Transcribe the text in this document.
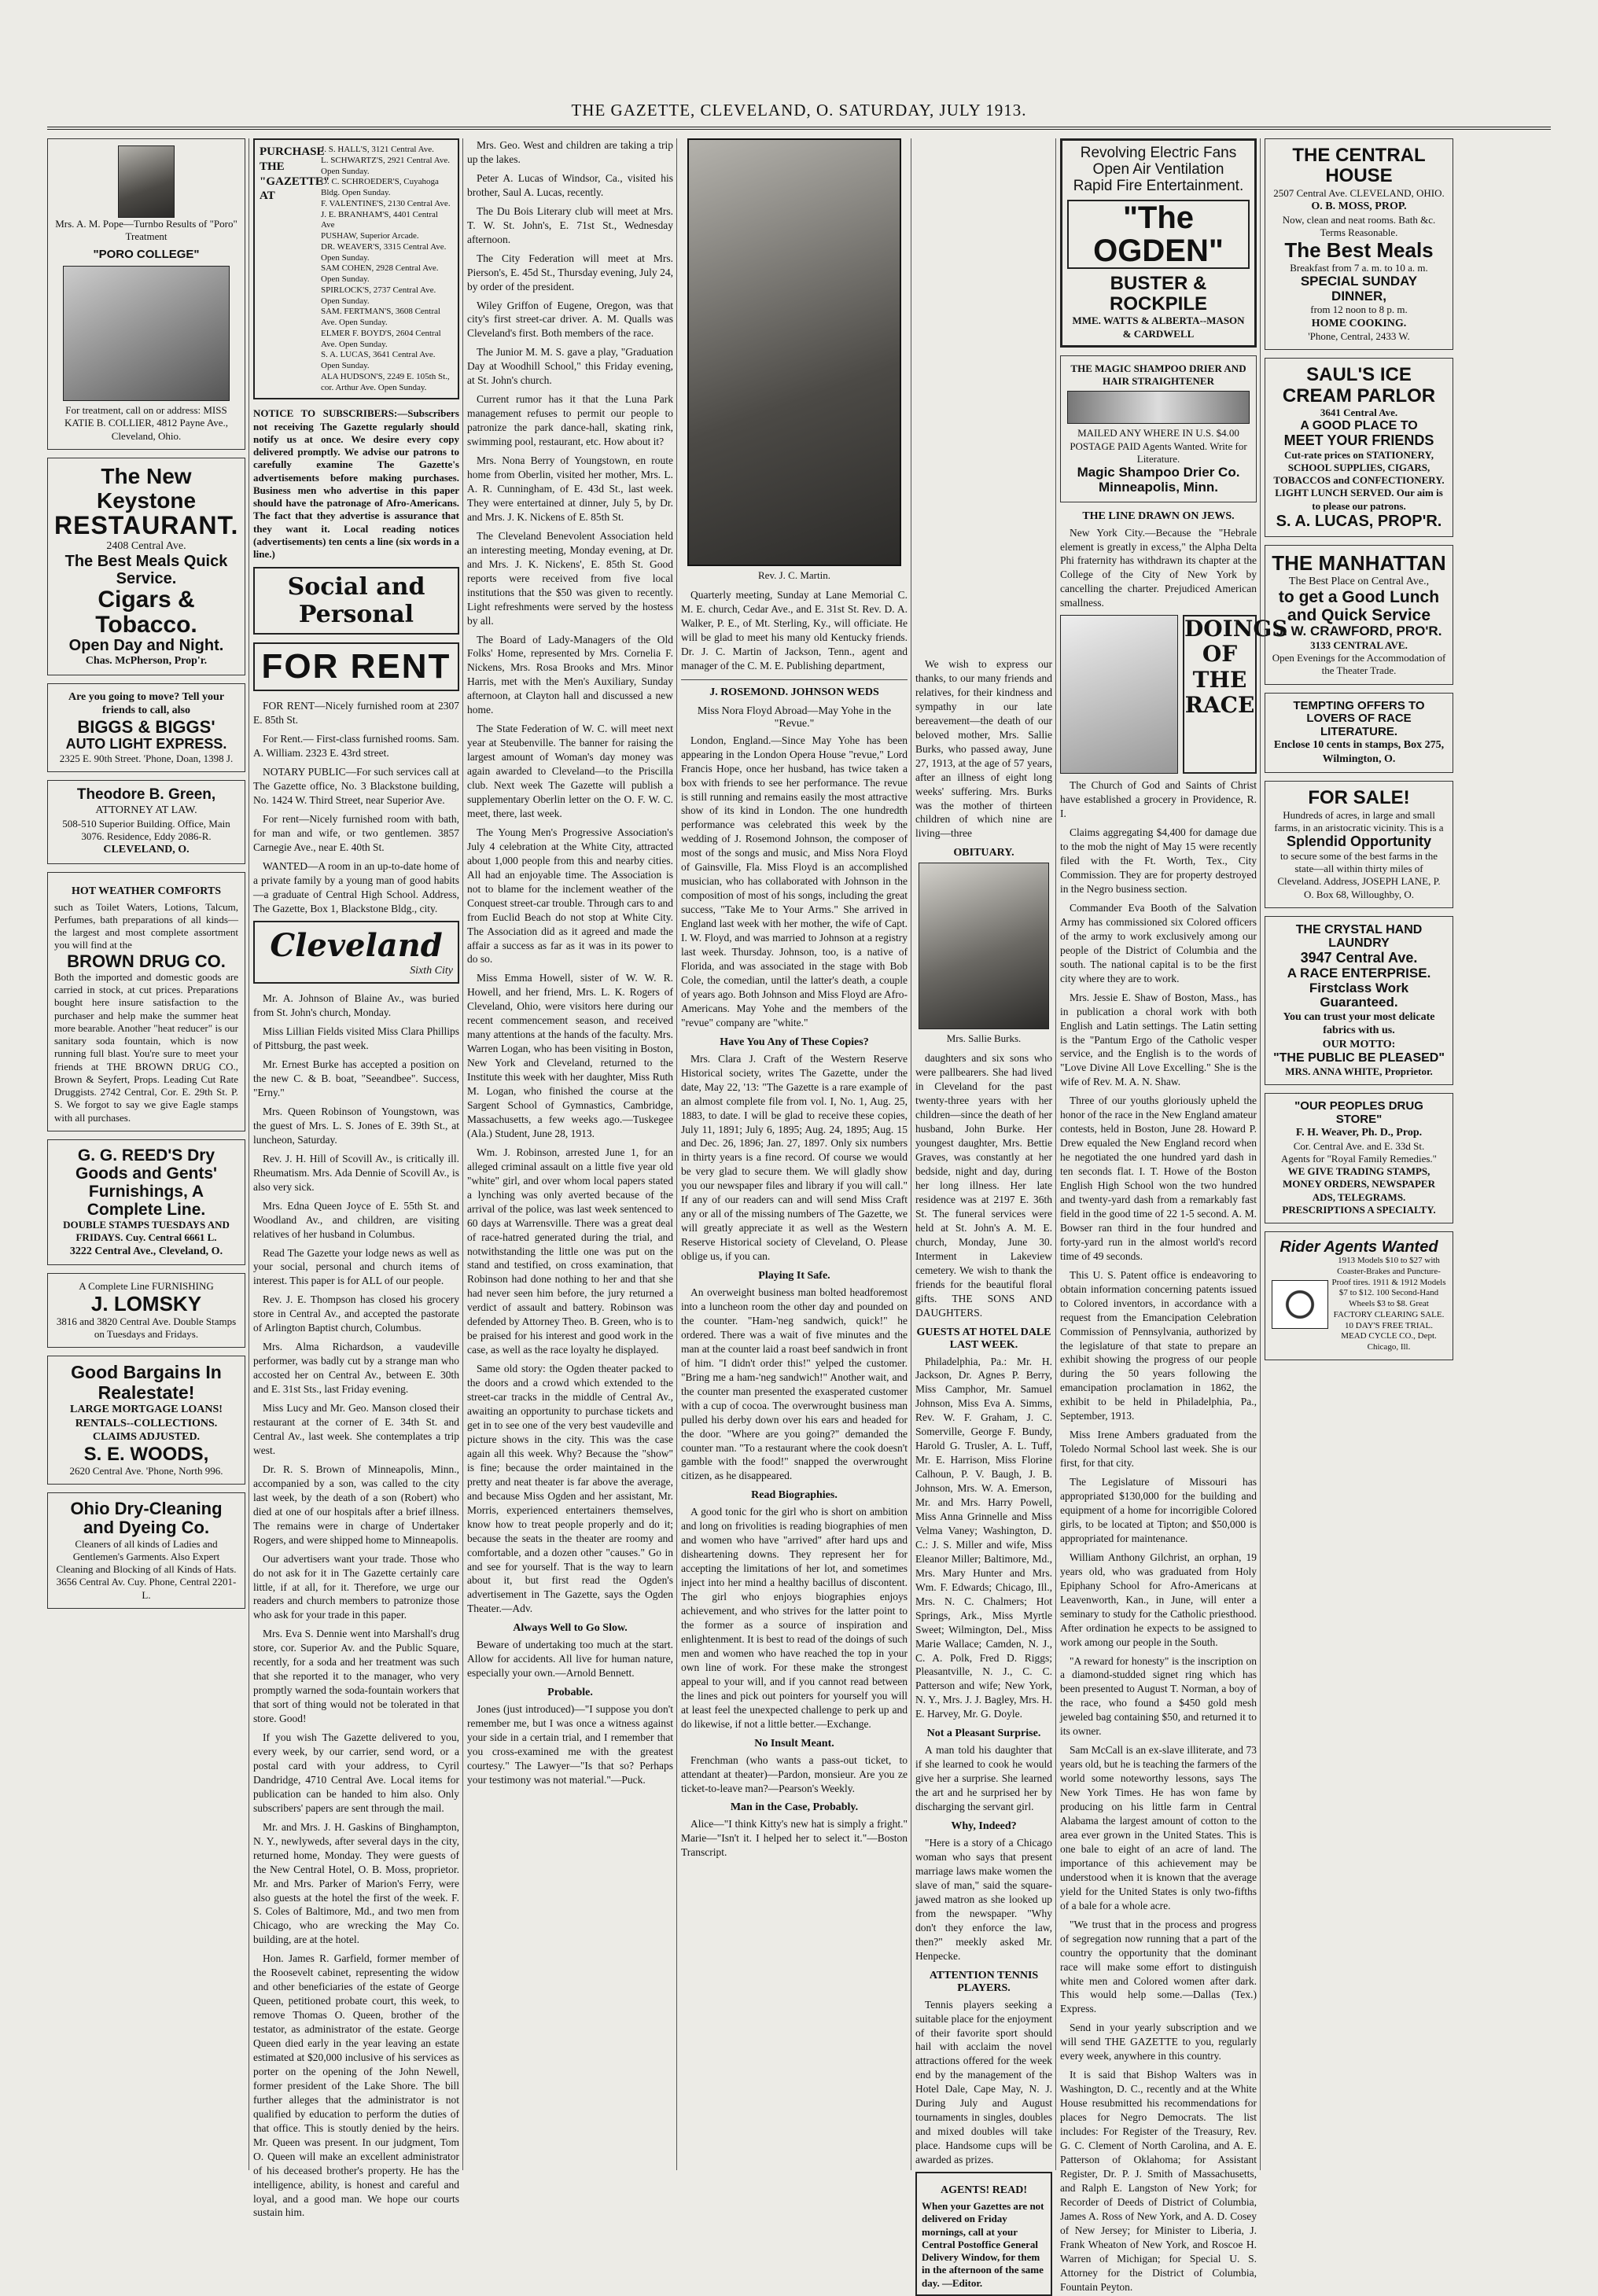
THE GAZETTE, CLEVELAND, O. SATURDAY, JULY 1913.
Mrs. A. M. Pope—Turnbo Results of "Poro" Treatment
"PORO COLLEGE"
For treatment, call on or address: MISS KATIE B. COLLIER, 4812 Payne Ave., Cleveland, Ohio.
The New Keystone
RESTAURANT.
2408 Central Ave.
The Best Meals Quick Service.
Cigars & Tobacco.
Open Day and Night.
Chas. McPherson, Prop'r.
Are you going to move? Tell your friends to call, also
BIGGS & BIGGS'
AUTO LIGHT EXPRESS.
2325 E. 90th Street. 'Phone, Doan, 1398 J.
Theodore B. Green,
ATTORNEY AT LAW.
508-510 Superior Building. Office, Main 3076. Residence, Eddy 2086-R.
CLEVELAND, O.
HOT WEATHER COMFORTS
such as Toilet Waters, Lotions, Talcum, Perfumes, bath preparations of all kinds—the largest and most complete assortment you will find at the
BROWN DRUG CO.
Both the imported and domestic goods are carried in stock, at cut prices. Preparations bought here insure satisfaction to the purchaser and help make the summer heat more bearable. Another "heat reducer" is our sanitary soda fountain, which is now running full blast. You're sure to meet your friends at THE BROWN DRUG CO., Brown & Seyfert, Props. Leading Cut Rate Druggists. 2742 Central, Cor. E. 29th St. P. S. We forgot to say we give Eagle stamps with all purchases.
G. G. REED'S Dry Goods and Gents' Furnishings, A Complete Line.
DOUBLE STAMPS TUESDAYS AND FRIDAYS. Cuy. Central 6661 L.
3222 Central Ave., Cleveland, O.
A Complete Line FURNISHING
J. LOMSKY
3816 and 3820 Central Ave. Double Stamps on Tuesdays and Fridays.
Good Bargains In Realestate!
LARGE MORTGAGE LOANS! RENTALS--COLLECTIONS. CLAIMS ADJUSTED.
S. E. WOODS,
2620 Central Ave. 'Phone, North 996.
Ohio Dry-Cleaning and Dyeing Co.
Cleaners of all kinds of Ladies and Gentlemen's Garments. Also Expert Cleaning and Blocking of all Kinds of Hats. 3656 Central Av. Cuy. Phone, Central 2201-L.
PURCHASE THE "GAZETTE" AT
J. S. HALL'S, 3121 Central Ave.
L. SCHWARTZ'S, 2921 Central Ave. Open Sunday.
O. C. SCHROEDER'S, Cuyahoga Bldg. Open Sunday.
F. VALENTINE'S, 2130 Central Ave.
J. E. BRANHAM'S, 4401 Central Ave
PUSHAW, Superior Arcade.
DR. WEAVER'S, 3315 Central Ave. Open Sunday.
SAM COHEN, 2928 Central Ave. Open Sunday.
SPIRLOCK'S, 2737 Central Ave. Open Sunday.
SAM. FERTMAN'S, 3608 Central Ave. Open Sunday.
ELMER F. BOYD'S, 2604 Central Ave. Open Sunday.
S. A. LUCAS, 3641 Central Ave. Open Sunday.
ALA HUDSON'S, 2249 E. 105th St., cor. Arthur Ave. Open Sunday.
NOTICE TO SUBSCRIBERS:—Subscribers not receiving The Gazette regularly should notify us at once. We desire every copy delivered promptly. We advise our patrons to carefully examine The Gazette's advertisements before making purchases. Business men who advertise in this paper should have the patronage of Afro-Americans. The fact that they advertise is assurance that they want it. Local reading notices (advertisements) ten cents a line (six words in a line.)
Social and Personal
FOR RENT

FOR RENT—Nicely furnished room at 2307 E. 85th St.

For Rent.— First-class furnished rooms. Sam. A. William. 2323 E. 43rd street.

NOTARY PUBLIC—For such services call at The Gazette office, No. 3 Blackstone building, No. 1424 W. Third Street, near Superior Ave.

For rent—Nicely furnished room with bath, for man and wife, or two gentlemen. 3857 Carnegie Ave., near E. 40th St.

WANTED—A room in an up-to-date home of a private family by a young man of good habits—a graduate of Central High School. Address, The Gazette, Box 1, Blackstone Bldg., city.

Cleveland
Sixth City

Mr. A. Johnson of Blaine Av., was buried from St. John's church, Monday.

Miss Lillian Fields visited Miss Clara Phillips of Pittsburg, the past week.

Mr. Ernest Burke has accepted a position on the new C. & B. boat, "Seeandbee". Success, "Erny."

Mrs. Queen Robinson of Youngstown, was the guest of Mrs. L. S. Jones of E. 39th St., at luncheon, Saturday.

Rev. J. H. Hill of Scovill Av., is critically ill. Rheumatism. Mrs. Ada Dennie of Scovill Av., is also very sick.

Mrs. Edna Queen Joyce of E. 55th St. and Woodland Av., and children, are visiting relatives of her husband in Columbus.

Read The Gazette your lodge news as well as your social, personal and church items of interest. This paper is for ALL of our people.

Rev. J. E. Thompson has closed his grocery store in Central Av., and accepted the pastorate of Arlington Baptist church, Columbus.

Mrs. Alma Richardson, a vaudeville performer, was badly cut by a strange man who accosted her on Central Av., between E. 30th and E. 31st Sts., last Friday evening.

Miss Lucy and Mr. Geo. Manson closed their restaurant at the corner of E. 34th St. and Central Av., last week. She contemplates a trip west.

Dr. R. S. Brown of Minneapolis, Minn., accompanied by a son, was called to the city last week, by the death of a son (Robert) who died at one of our hospitals after a brief illness. The remains were in charge of Undertaker Rogers, and were shipped home to Minneapolis.

Our advertisers want your trade. Those who do not ask for it in The Gazette certainly care little, if at all, for it. Therefore, we urge our readers and church members to patronize those who ask for your trade in this paper.

Mrs. Eva S. Dennie went into Marshall's drug store, cor. Superior Av. and the Public Square, recently, for a soda and her treatment was such that she reported it to the manager, who very promptly warned the soda-fountain workers that that sort of thing would not be tolerated in that store. Good!

If you wish The Gazette delivered to you, every week, by our carrier, send word, or a postal card with your address, to Cyril Dandridge, 4710 Central Ave. Local items for publication can be handed to him also. Only subscribers' papers are sent through the mail.

Mr. and Mrs. J. H. Gaskins of Binghampton, N. Y., newlyweds, after several days in the city, returned home, Monday. They were guests of the New Central Hotel, O. B. Moss, proprietor. Mr. and Mrs. Parker of Marion's Ferry, were also guests at the hotel the first of the week. F. S. Coles of Baltimore, Md., and two men from Chicago, who are wrecking the May Co. building, are at the hotel.

Hon. James R. Garfield, former member of the Roosevelt cabinet, representing the widow and other beneficiaries of the estate of George Queen, petitioned probate court, this week, to remove Thomas O. Queen, brother of the testator, as administrator of the estate. George Queen died early in the year leaving an estate estimated at $20,000 inclusive of his services as porter on the opening of the John Newell, former president of the Lake Shore. The bill further alleges that the administrator is not qualified by education to perform the duties of that office. This is stoutly denied by the heirs. Mr. Queen was present. In our judgment, Tom O. Queen will make an excellent administrator of his deceased brother's property. He has the intelligence, ability, is honest and careful and loyal, and a good man. We hope our courts sustain him.

Mrs. Geo. West and children are taking a trip up the lakes.

Peter A. Lucas of Windsor, Ca., visited his brother, Saul A. Lucas, recently.

The Du Bois Literary club will meet at Mrs. T. W. St. John's, E. 71st St., Wednesday afternoon.

The City Federation will meet at Mrs. Pierson's, E. 45d St., Thursday evening, July 24, by order of the president.

Wiley Griffon of Eugene, Oregon, was that city's first street-car driver. A. M. Qualls was Cleveland's first. Both members of the race.

The Junior M. M. S. gave a play, "Graduation Day at Woodhill School," this Friday evening, at St. John's church.

Current rumor has it that the Luna Park management refuses to permit our people to patronize the park dance-hall, skating rink, swimming pool, restaurant, etc. How about it?

Mrs. Nona Berry of Youngstown, en route home from Oberlin, visited her mother, Mrs. L. A. R. Cunningham, of E. 43d St., last week. They were entertained at dinner, July 5, by Dr. and Mrs. J. K. Nickens of E. 85th St.

The Cleveland Benevolent Association held an interesting meeting, Monday evening, at Dr. and Mrs. J. K. Nickens', E. 85th St. Good reports were received from five local institutions that the $50 was given to recently. Light refreshments were served by the hostess by all.

The Board of Lady-Managers of the Old Folks' Home, represented by Mrs. Cornelia F. Nickens, Mrs. Rosa Brooks and Mrs. Minor Harris, met with the Men's Auxiliary, Sunday afternoon, at Clayton hall and discussed a new home.

The State Federation of W. C. will meet next year at Steubenville. The banner for raising the largest amount of Woman's day money was again awarded to Cleveland—to the Priscilla club. Next week The Gazette will publish a supplementary Oberlin letter on the O. F. W. C. meet, there, last week.

The Young Men's Progressive Association's July 4 celebration at the White City, attracted about 1,000 people from this and nearby cities. All had an enjoyable time. The Association is not to blame for the inclement weather of the Conquest street-car trouble. Through cars to and from Euclid Beach do not stop at White City. The Association did as it agreed and made the affair a success as far as it was in its power to do so.

Miss Emma Howell, sister of W. W. R. Howell, and her friend, Mrs. L. K. Rogers of Cleveland, Ohio, were visitors here during our recent commencement season, and received many attentions at the hands of the faculty. Mrs. Warren Logan, who has been visiting in Boston, New York and Cleveland, returned to the Institute this week with her daughter, Miss Ruth M. Logan, who finished the course at the Sargent School of Gymnastics, Cambridge, Massachusetts, a few weeks ago.—Tuskegee (Ala.) Student, June 28, 1913.

Wm. J. Robinson, arrested June 1, for an alleged criminal assault on a little five year old "white" girl, and over whom local papers stated a lynching was only averted because of the arrival of the police, was last week sentenced to 60 days at Warrensville. There was a great deal of race-hatred generated during the trial, and notwithstanding the little one was put on the stand and testified, on cross examination, that Robinson had done nothing to her and that she had never seen him before, the jury returned a verdict of assault and battery. Robinson was defended by Attorney Theo. B. Green, who is to be praised for his interest and good work in the case, as well as the race loyalty he displayed.

Same old story: the Ogden theater packed to the doors and a crowd which extended to the street-car tracks in the middle of Central Av., awaiting an opportunity to purchase tickets and get in to see one of the very best vaudeville and picture shows in the city. This was the case again all this week. Why? Because the "show" is fine; because the order maintained in the pretty and neat theater is far above the average, and because Miss Ogden and her assistant, Mr. Morris, experienced entertainers themselves, know how to treat people properly and do it; because the seats in the theater are roomy and comfortable, and a dozen other "causes." Go in and see for yourself. That is the way to learn about it, but first read the Ogden's advertisement in The Gazette, says the Ogden Theater.—Adv.

Always Well to Go Slow.

Beware of undertaking too much at the start. Allow for accidents. All live for human nature, especially your own.—Arnold Bennett.

Probable.

Jones (just introduced)—"I suppose you don't remember me, but I was once a witness against your side in a certain trial, and I remember that you cross-examined me with the greatest courtesy." The Lawyer—"Is that so? Perhaps your testimony was not material."—Puck.

Rev. J. C. Martin.

Quarterly meeting, Sunday at Lane Memorial C. M. E. church, Cedar Ave., and E. 31st St. Rev. D. A. Walker, P. E., of Mt. Sterling, Ky., will officiate. He will be glad to meet his many old Kentucky friends. Dr. J. C. Martin of Jackson, Tenn., agent and manager of the C. M. E. Publishing department,

J. ROSEMOND. JOHNSON WEDS
Miss Nora Floyd Abroad—May Yohe in the "Revue."

London, England.—Since May Yohe has been appearing in the London Opera House "revue," Lord Francis Hope, once her husband, has twice taken a box with friends to see her performance. The revue is still running and remains easily the most attractive show of its kind in London. The one hundredth performance was celebrated this week by the wedding of J. Rosemond Johnson, the composer of most of the songs and music, and Miss Nora Floyd of Gainsville, Fla. Miss Floyd is an accomplished musician, who has collaborated with Johnson in the composition of most of his songs, including the great success, "Take Me to Your Arms." She arrived in England last week with her mother, the wife of Capt. I. W. Floyd, and was married to Johnson at a registry last week. Thursday. Johnson, too, is a native of Florida, and was associated in the stage with Bob Cole, the comedian, until the latter's death, a couple of years ago. Both Johnson and Miss Floyd are Afro-Americans. May Yohe and the members of the "revue" company are "white."

Have You Any of These Copies?

Mrs. Clara J. Craft of the Western Reserve Historical society, writes The Gazette, under the date, May 22, '13: "The Gazette is a rare example of an almost complete file from vol. I, No. 1, Aug. 25, 1883, to date. I will be glad to receive these copies, July 11, 1891; July 6, 1895; Aug. 24, 1895; Aug. 15 and Dec. 26, 1896; Jan. 27, 1897. Only six numbers in thirty years is a fine record. Of course we would be very glad to secure them. We will gladly show you our newspaper files and library if you will call." If any of our readers can and will send Miss Craft any or all of the missing numbers of The Gazette, we will greatly appreciate it as well as the Western Reserve Historical society of Cleveland, O. Please oblige us, if you can.

Playing It Safe.

An overweight business man bolted headforemost into a luncheon room the other day and pounded on the counter. "Ham-'neg sandwich, quick!" he ordered. There was a wait of five minutes and the man at the counter laid a roast beef sandwich in front of him. "I didn't order this!" yelped the customer. "Bring me a ham-'neg sandwich!" Another wait, and the counter man presented the exasperated customer with a cup of cocoa. The overwrought business man pulled his derby down over his ears and headed for the door. "Where are you going?" demanded the counter man. "To a restaurant where the cook doesn't gamble with the food!" snapped the overwrought citizen, as he disappeared.

Read Biographies.

A good tonic for the girl who is short on ambition and long on frivolities is reading biographies of men and women who have "arrived" after hard ups and disheartening downs. They represent her for accepting the limitations of her lot, and sometimes inject into her mind a healthy bacillus of discontent. The girl who enjoys biographies enjoys achievement, and who strives for the latter point to the former as a source of inspiration and enlightenment. It is best to read of the doings of such men and women who have reached the top in your own line of work. For these make the strongest appeal to your will, and if you cannot read between the lines and pick out pointers for yourself you will at least feel the unexpected challenge to perk up and do likewise, if not a little better.—Exchange.

No Insult Meant.

Frenchman (who wants a pass-out ticket, to attendant at theater)—Pardon, monsieur. Are you ze ticket-to-leave man?—Pearson's Weekly.

Man in the Case, Probably.

Alice—"I think Kitty's new hat is simply a fright." Marie—"Isn't it. I helped her to select it."—Boston Transcript.

We wish to express our thanks, to our many friends and relatives, for their kindness and sympathy in our late bereavement—the death of our beloved mother, Mrs. Sallie Burks, who passed away, June 27, 1913, at the age of 57 years, after an illness of eight long weeks' suffering. Mrs. Burks was the mother of thirteen children of which nine are living—three

OBITUARY.
Mrs. Sallie Burks.

daughters and six sons who were pallbearers. She had lived in Cleveland for the past twenty-three years with her children—since the death of her husband, John Burke. Her youngest daughter, Mrs. Bettie Graves, was constantly at her bedside, night and day, during her long illness. Her late residence was at 2197 E. 36th St. The funeral services were held at St. John's A. M. E. church, Monday, June 30. Interment in Lakeview cemetery. We wish to thank the friends for the beautiful floral gifts. THE SONS AND DAUGHTERS.

GUESTS AT HOTEL DALE LAST WEEK.

Philadelphia, Pa.: Mr. H. Jackson, Dr. Agnes P. Berry, Miss Camphor, Mr. Samuel Johnson, Miss Eva A. Simms, Rev. W. F. Graham, J. C. Somerville, George F. Bundy, Harold G. Trusler, A. L. Tuff, Mr. E. Harrison, Miss Florine Calhoun, P. V. Baugh, J. B. Johnson, Mrs. W. A. Emerson, Mr. and Mrs. Harry Powell, Miss Anna Grinnelle and Miss Velma Vaney; Washington, D. C.: J. S. Miller and wife, Miss Eleanor Miller; Baltimore, Md., Mrs. Mary Hunter and Mrs. Wm. F. Edwards; Chicago, Ill., Mrs. N. C. Chalmers; Hot Springs, Ark., Miss Myrtle Sweet; Wilmington, Del., Miss Marie Wallace; Camden, N. J., C. A. Polk, Fred D. Riggs; Pleasantville, N. J., C. C. Patterson and wife; New York, N. Y., Mrs. J. J. Bagley, Mrs. H. E. Harvey, Mr. G. Doyle.

Not a Pleasant Surprise.

A man told his daughter that if she learned to cook he would give her a surprise. She learned the art and he surprised her by discharging the servant girl.

Why, Indeed?

"Here is a story of a Chicago woman who says that present marriage laws make women the slave of man," said the square-jawed matron as she looked up from the newspaper. "Why don't they enforce the law, then?" meekly asked Mr. Henpecke.

ATTENTION TENNIS PLAYERS.

Tennis players seeking a suitable place for the enjoyment of their favorite sport should hail with acclaim the novel attractions offered for the week end by the management of the Hotel Dale, Cape May, N. J. During July and August tournaments in singles, doubles and mixed doubles will take place. Handsome cups will be awarded as prizes.

AGENTS! READ!
When your Gazettes are not delivered on Friday mornings, call at your Central Postoffice General Delivery Window, for them in the afternoon of the same day. —Editor.
Revolving Electric Fans
Open Air Ventilation
Rapid Fire Entertainment.
"The OGDEN"
BUSTER & ROCKPILE
MME. WATTS & ALBERTA--MASON & CARDWELL
THE MAGIC SHAMPOO DRIER AND HAIR STRAIGHTENER
MAILED ANY WHERE IN U.S. $4.00 POSTAGE PAID Agents Wanted. Write for Literature.
Magic Shampoo Drier Co. Minneapolis, Minn.
THE LINE DRAWN ON JEWS.

New York City.—Because the "Hebrale element is greatly in excess," the Alpha Delta Phi fraternity has withdrawn its chapter at the College of the City of New York by cancelling the charter. Prejudiced American smallness.

DOINGS OF THE RACE

The Church of God and Saints of Christ have established a grocery in Providence, R. I.

Claims aggregating $4,400 for damage due to the mob the night of May 15 were recently filed with the Ft. Worth, Tex., City Commission. They are for property destroyed in the Negro business section.

Commander Eva Booth of the Salvation Army has commissioned six Colored officers of the army to work exclusively among our people of the District of Columbia and the south. The national capital is to be the first city where they are to work.

Mrs. Jessie E. Shaw of Boston, Mass., has in publication a choral work with both English and Latin settings. The Latin setting is the "Pantum Ergo of the Catholic vesper service, and the English is to the words of "Love Divine All Love Excelling." She is the wife of Rev. M. A. N. Shaw.

Three of our youths gloriously upheld the honor of the race in the New England amateur contests, held in Boston, June 28. Howard P. Drew equaled the New England record when he negotiated the one hundred yard dash in ten seconds flat. I. T. Howe of the Boston English High School won the two hundred and twenty-yard dash from a remarkably fast field in the good time of 22 1-5 second. A. M. Bowser ran third in the four hundred and forty-yard run in the almost world's record time of 49 seconds.

This U. S. Patent office is endeavoring to obtain information concerning patents issued to Colored inventors, in accordance with a request from the Emancipation Celebration Commission of Pennsylvania, authorized by the legislature of that state to prepare an exhibit showing the progress of our people during the 50 years following the emancipation proclamation in 1862, the exhibit to be held in Philadelphia, Pa., September, 1913.

Miss Irene Ambers graduated from the Toledo Normal School last week. She is our first, for that city.

The Legislature of Missouri has appropriated $130,000 for the building and equipment of a home for incorrigible Colored girls, to be located at Tipton; and $50,000 is appropriated for maintenance.

William Anthony Gilchrist, an orphan, 19 years old, who was graduated from Holy Epiphany School for Afro-Americans at Leavenworth, Kan., in June, will enter a seminary to study for the Catholic priesthood. After ordination he expects to be assigned to work among our people in the South.

"A reward for honesty" is the inscription on a diamond-studded signet ring which has been presented to August T. Norman, a boy of the race, who found a $450 gold mesh jeweled bag containing $50, and returned it to its owner.

Sam McCall is an ex-slave illiterate, and 73 years old, but he is teaching the farmers of the world some noteworthy lessons, says The New York Times. He has won fame by producing on his little farm in Central Alabama the largest amount of cotton to the area ever grown in the United States. This is one bale to eight of an acre of land. The importance of this achievement may be understood when it is known that the average yield for the United States is only two-fifths of a bale for a whole acre.

"We trust that in the process and progress of segregation now running that a part of the country the opportunity that the dominant race will make some effort to distinguish white men and Colored women after dark. This would help some.—Dallas (Tex.) Express.

Send in your yearly subscription and we will send THE GAZETTE to you, regularly every week, anywhere in this country.

It is said that Bishop Walters was in Washington, D. C., recently and at the White House resubmitted his recommendations for places for Negro Democrats. The list includes: For Register of the Treasury, Rev. G. C. Clement of North Carolina, and A. E. Patterson of Oklahoma; for Assistant Register, Dr. P. J. Smith of Massachusetts, and Ralph E. Langston of New York; for Recorder of Deeds of District of Columbia, James A. Ross of New York, and A. D. Cosey of New Jersey; for Minister to Liberia, J. Frank Wheaton of New York, and Roscoe H. Warren of Michigan; for Special U. S. Attorney for the District of Columbia, Fountain Peyton.

THE CENTRAL HOUSE
2507 Central Ave. CLEVELAND, OHIO.
O. B. MOSS, PROP.
Now, clean and neat rooms. Bath &c. Terms Reasonable.
The Best Meals
Breakfast from 7 a. m. to 10 a. m.
SPECIAL SUNDAY DINNER,
from 12 noon to 8 p. m.
HOME COOKING.
'Phone, Central, 2433 W.
SAUL'S ICE CREAM PARLOR
3641 Central Ave.
A GOOD PLACE TO
MEET YOUR FRIENDS
Cut-rate prices on STATIONERY, SCHOOL SUPPLIES, CIGARS, TOBACCOS and CONFECTIONERY. LIGHT LUNCH SERVED. Our aim is to please our patrons.
S. A. LUCAS, PROP'R.
THE MANHATTAN
The Best Place on Central Ave.,
to get a Good Lunch and Quick Service
J. W. CRAWFORD, PRO'R.
3133 CENTRAL AVE.
Open Evenings for the Accommodation of the Theater Trade.
TEMPTING OFFERS TO LOVERS OF RACE LITERATURE.
Enclose 10 cents in stamps, Box 275, Wilmington, O.
FOR SALE!
Hundreds of acres, in large and small farms, in an aristocratic vicinity. This is a
Splendid Opportunity
to secure some of the best farms in the state—all within thirty miles of Cleveland. Address, JOSEPH LANE, P. O. Box 68, Willoughby, O.
THE CRYSTAL HAND LAUNDRY
3947 Central Ave.
A RACE ENTERPRISE.
Firstclass Work Guaranteed.
You can trust your most delicate fabrics with us.
OUR MOTTO:
"THE PUBLIC BE PLEASED"
MRS. ANNA WHITE, Proprietor.
"OUR PEOPLES DRUG STORE"
F. H. Weaver, Ph. D., Prop.
Cor. Central Ave. and E. 33d St.
Agents for "Royal Family Remedies."
WE GIVE TRADING STAMPS, MONEY ORDERS, NEWSPAPER ADS, TELEGRAMS.
PRESCRIPTIONS A SPECIALTY.
Rider Agents Wanted
1913 Models $10 to $27 with Coaster-Brakes and Puncture-Proof tires. 1911 & 1912 Models $7 to $12. 100 Second-Hand Wheels $3 to $8. Great FACTORY CLEARING SALE. 10 DAY'S FREE TRIAL. MEAD CYCLE CO., Dept. Chicago, Ill.
